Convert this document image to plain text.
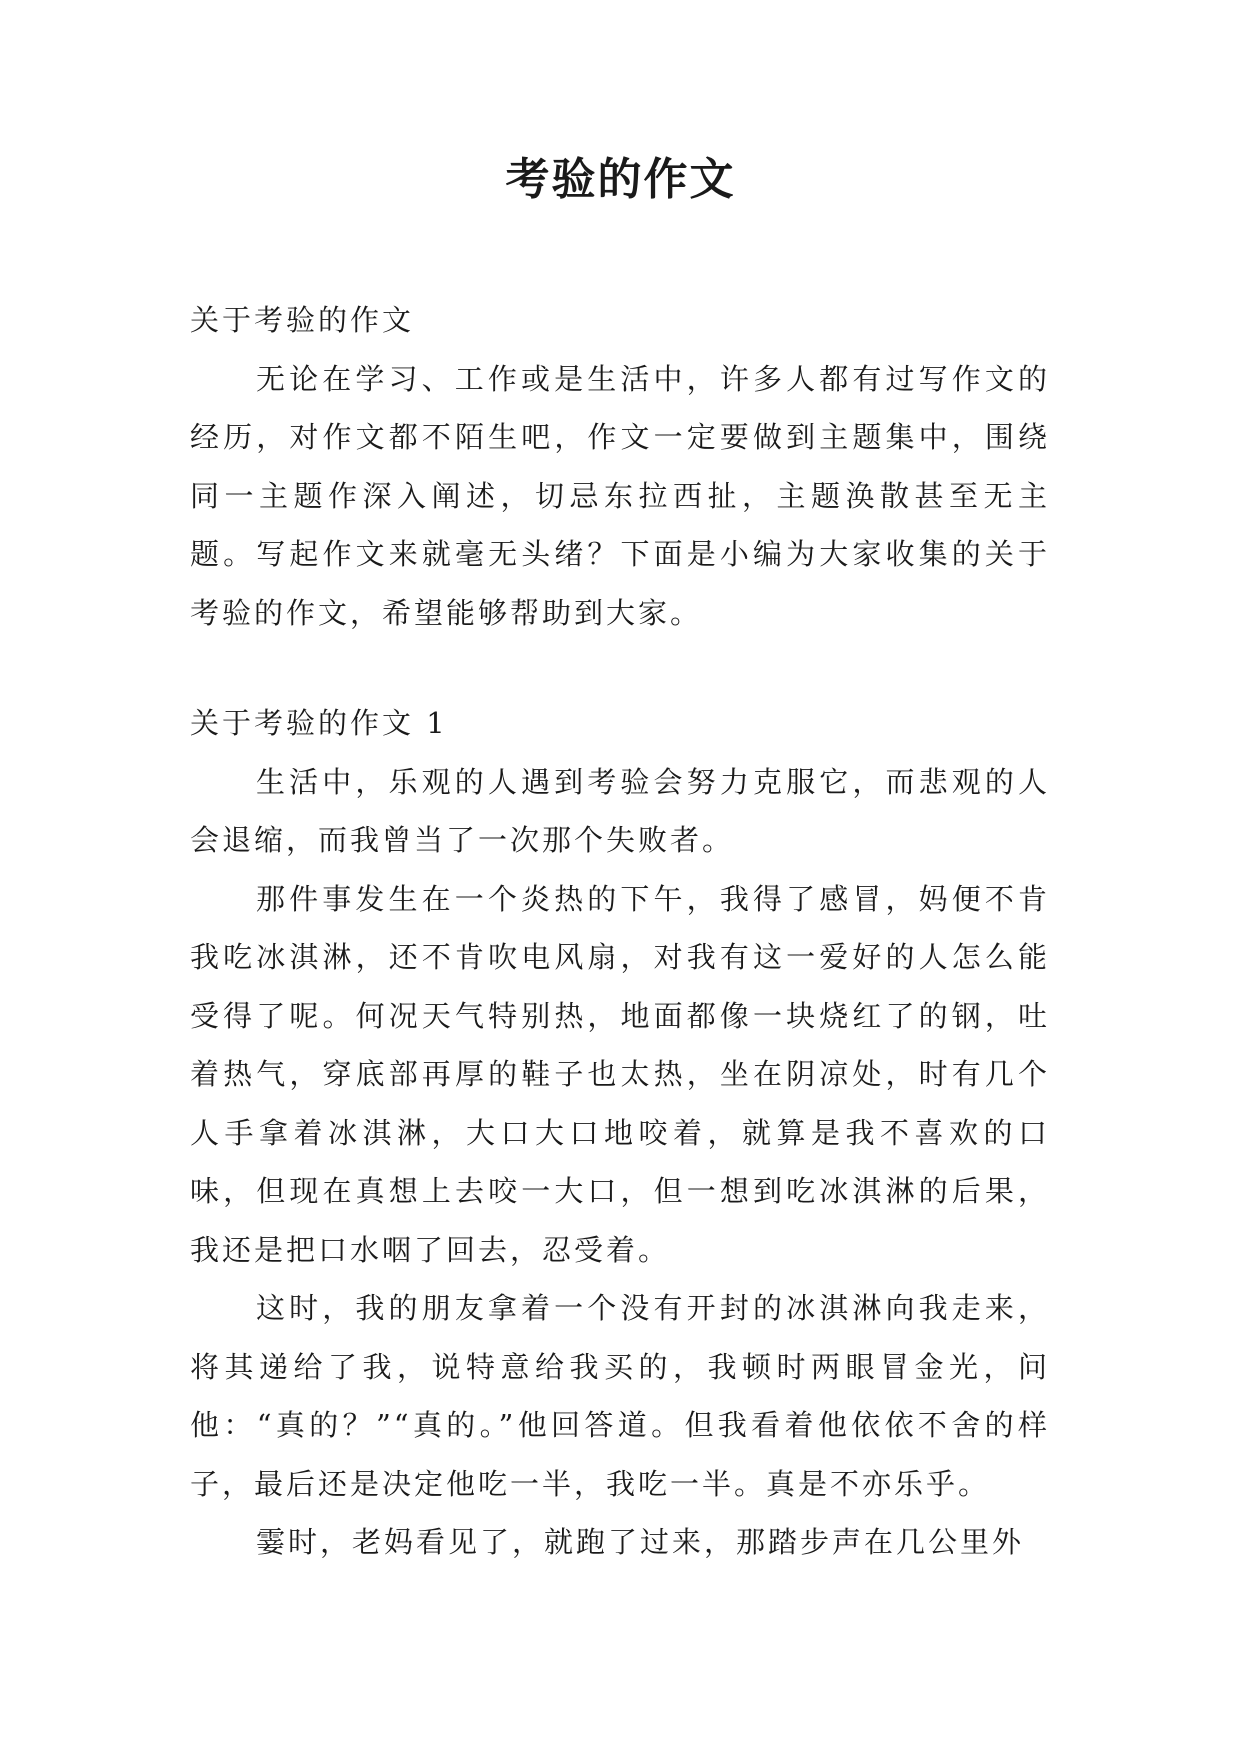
考验的作文

关于考验的作文

无论在学习、工作或是生活中，许多人都有过写作文的经历，对作文都不陌生吧，作文一定要做到主题集中，围绕同一主题作深入阐述，切忌东拉西扯，主题涣散甚至无主题。写起作文来就毫无头绪？下面是小编为大家收集的关于考验的作文，希望能够帮助到大家。

关于考验的作文 1

生活中，乐观的人遇到考验会努力克服它，而悲观的人会退缩，而我曾当了一次那个失败者。

那件事发生在一个炎热的下午，我得了感冒，妈便不肯我吃冰淇淋，还不肯吹电风扇，对我有这一爱好的人怎么能受得了呢。何况天气特别热，地面都像一块烧红了的钢，吐着热气，穿底部再厚的鞋子也太热，坐在阴凉处，时有几个人手拿着冰淇淋，大口大口地咬着，就算是我不喜欢的口味，但现在真想上去咬一大口，但一想到吃冰淇淋的后果，我还是把口水咽了回去，忍受着。

这时，我的朋友拿着一个没有开封的冰淇淋向我走来，将其递给了我，说特意给我买的，我顿时两眼冒金光，问他：“真的？”“真的。”他回答道。但我看着他依依不舍的样子，最后还是决定他吃一半，我吃一半。真是不亦乐乎。

霎时，老妈看见了，就跑了过来，那踏步声在几公里外
